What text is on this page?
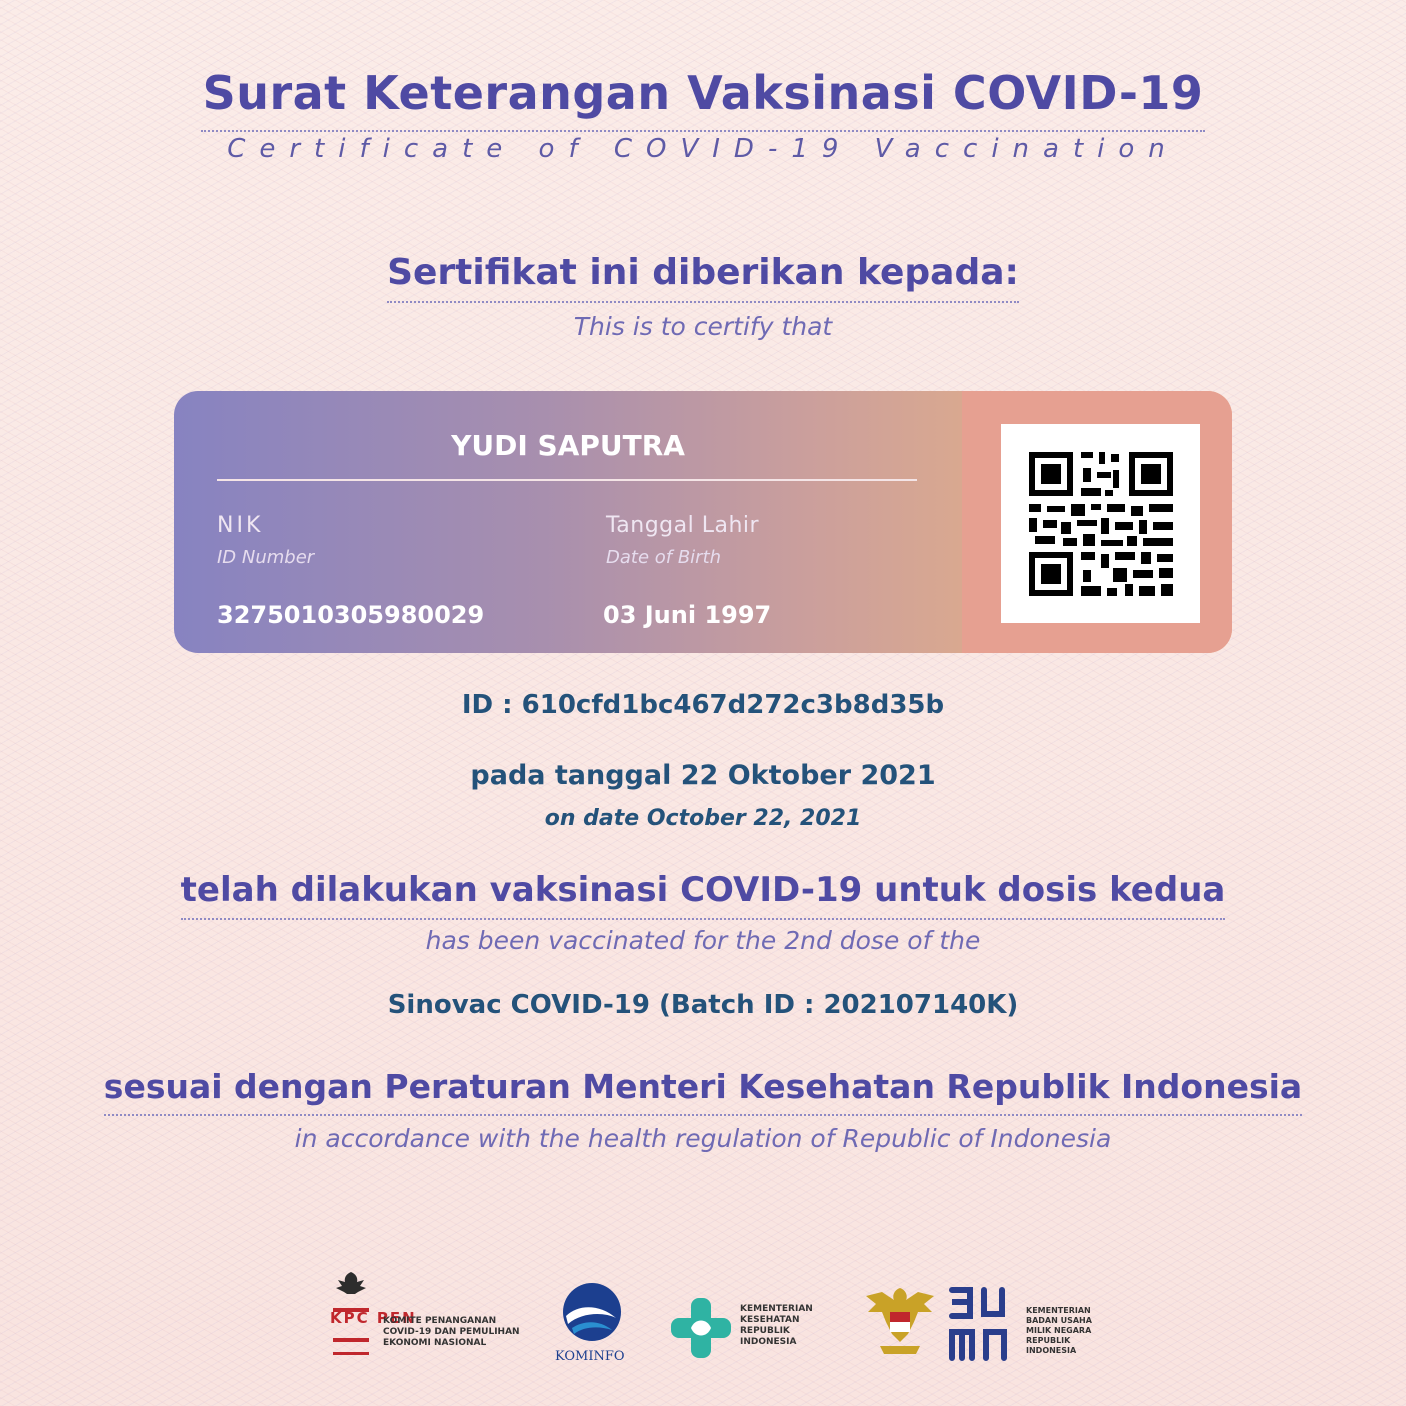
Surat Keterangan Vaksinasi COVID-19
Certificate of COVID-19 Vaccination
Sertifikat ini diberikan kepada:
This is to certify that
YUDI SAPUTRA
NIK
ID Number
3275010305980029
Tanggal Lahir
Date of Birth
03 Juni 1997
ID : 610cfd1bc467d272c3b8d35b
pada tanggal 22 Oktober 2021
on date October 22, 2021
telah dilakukan vaksinasi COVID-19 untuk dosis kedua
has been vaccinated for the 2nd dose of the
Sinovac COVID-19 (Batch ID : 202107140K)
sesuai dengan Peraturan Menteri Kesehatan Republik Indonesia
in accordance with the health regulation of Republic of Indonesia
KPC PEN
KOMITE PENANGANAN
COVID-19 DAN PEMULIHAN
EKONOMI NASIONAL
KOMINFO
KEMENTERIAN
KESEHATAN
REPUBLIK
INDONESIA
KEMENTERIAN
BADAN USAHA
MILIK NEGARA
REPUBLIK
INDONESIA
